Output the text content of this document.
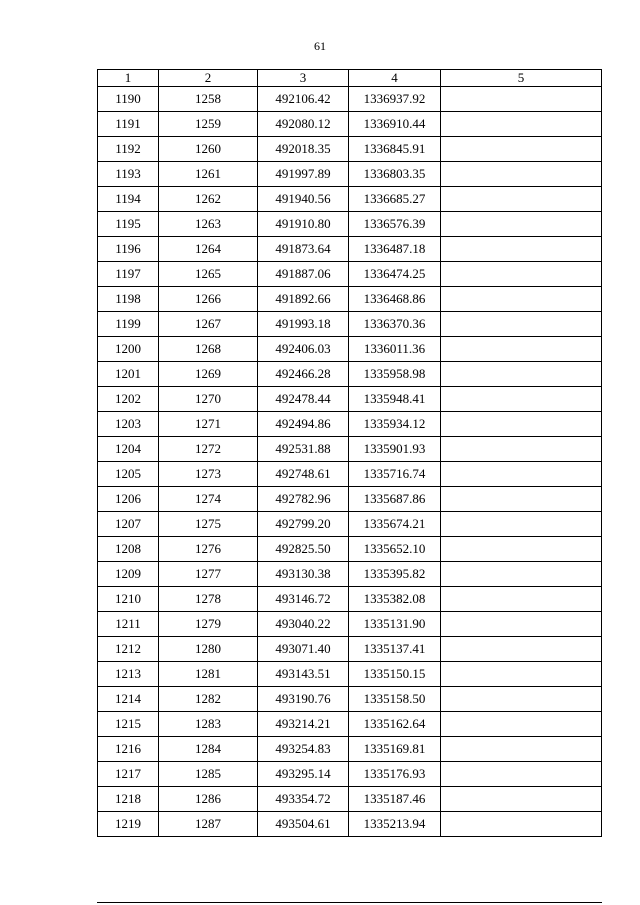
61
1	2	3	4	5
1190	1258	492106.42	1336937.92	
1191	1259	492080.12	1336910.44	
1192	1260	492018.35	1336845.91	
1193	1261	491997.89	1336803.35	
1194	1262	491940.56	1336685.27	
1195	1263	491910.80	1336576.39	
1196	1264	491873.64	1336487.18	
1197	1265	491887.06	1336474.25	
1198	1266	491892.66	1336468.86	
1199	1267	491993.18	1336370.36	
1200	1268	492406.03	1336011.36	
1201	1269	492466.28	1335958.98	
1202	1270	492478.44	1335948.41	
1203	1271	492494.86	1335934.12	
1204	1272	492531.88	1335901.93	
1205	1273	492748.61	1335716.74	
1206	1274	492782.96	1335687.86	
1207	1275	492799.20	1335674.21	
1208	1276	492825.50	1335652.10	
1209	1277	493130.38	1335395.82	
1210	1278	493146.72	1335382.08	
1211	1279	493040.22	1335131.90	
1212	1280	493071.40	1335137.41	
1213	1281	493143.51	1335150.15	
1214	1282	493190.76	1335158.50	
1215	1283	493214.21	1335162.64	
1216	1284	493254.83	1335169.81	
1217	1285	493295.14	1335176.93	
1218	1286	493354.72	1335187.46	
1219	1287	493504.61	1335213.94	
